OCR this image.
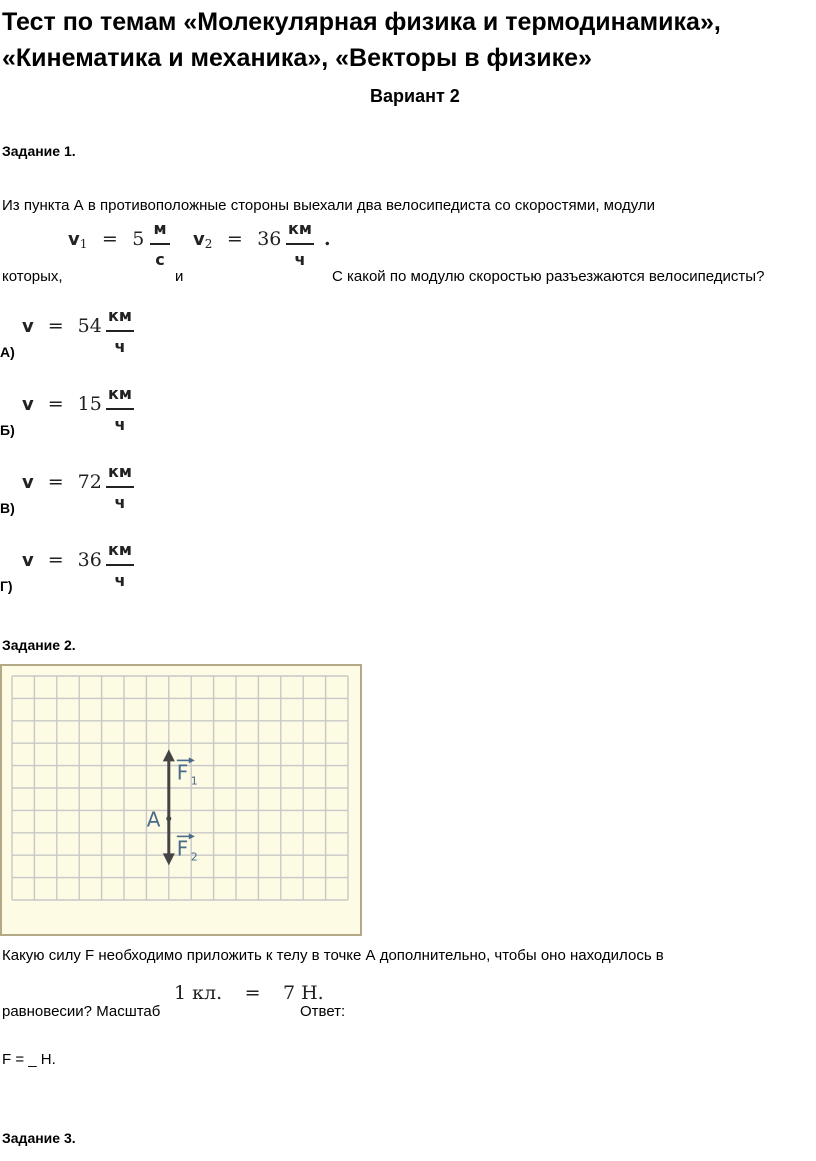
Тест по темам «Молекулярная физика и термодинамика»,
«Кинематика и механика», «Векторы в физике»
Вариант 2
Задание 1.
Из пункта А в противоположные стороны выехали два велосипедиста со скоростями, модули
$v_1 = 5$ м
с
которых,	и
$v_2 = 36$ км
ч
.
С какой по модулю скоростью разъезжаются велосипедисты?
А)
v = 54 км
ч
Б)
v = 15 км
ч
В)
v = 72 км
ч
Г)
v = 36 км
ч
Задание 2.
A
F 1
F 2
Какую силу F необходимо приложить к телу в точке А дополнительно, чтобы оно находилось в
равновесии? Масштаб
1 кл. = 7 Н.
Ответ:
F = _ Н.
Задание 3.
